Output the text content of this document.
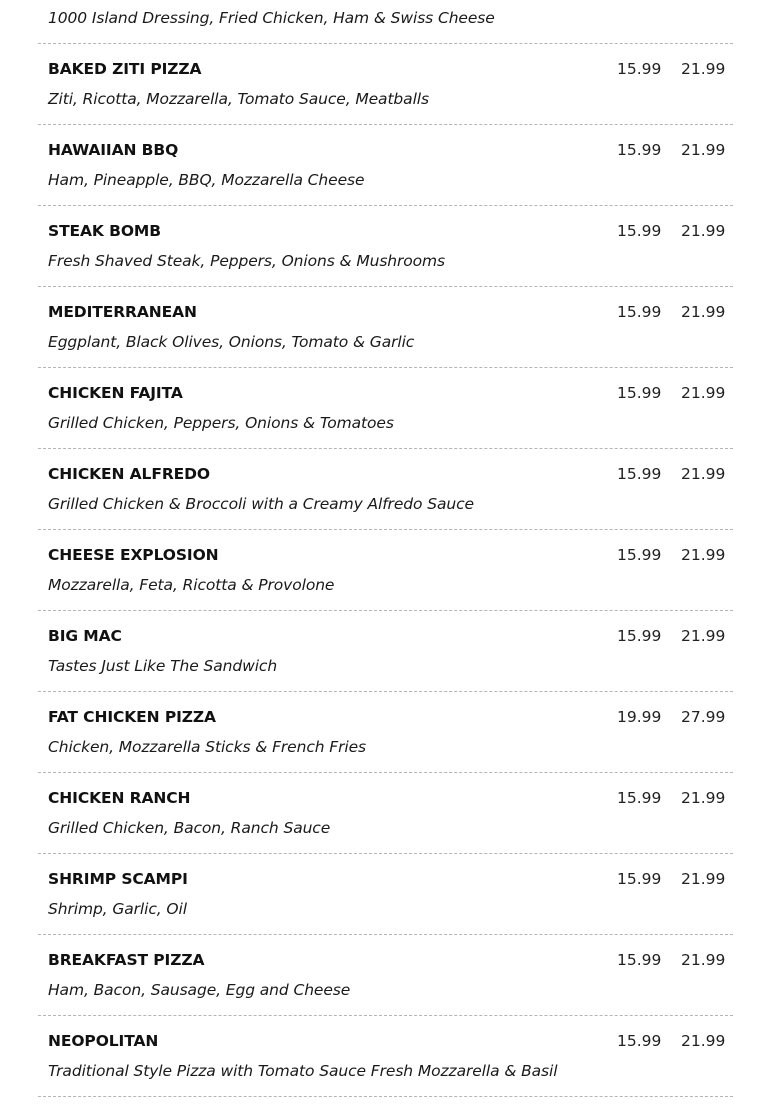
1000 Island Dressing, Fried Chicken, Ham & Swiss Cheese
BAKED ZITI PIZZA	15.99 21.99
Ziti, Ricotta, Mozzarella, Tomato Sauce, Meatballs
HAWAIIAN BBQ	15.99 21.99
Ham, Pineapple, BBQ, Mozzarella Cheese
STEAK BOMB	15.99 21.99
Fresh Shaved Steak, Peppers, Onions & Mushrooms
MEDITERRANEAN	15.99 21.99
Eggplant, Black Olives, Onions, Tomato & Garlic
CHICKEN FAJITA	15.99 21.99
Grilled Chicken, Peppers, Onions & Tomatoes
CHICKEN ALFREDO	15.99 21.99
Grilled Chicken & Broccoli with a Creamy Alfredo Sauce
CHEESE EXPLOSION	15.99 21.99
Mozzarella, Feta, Ricotta & Provolone
BIG MAC	15.99 21.99
Tastes Just Like The Sandwich
FAT CHICKEN PIZZA	19.99 27.99
Chicken, Mozzarella Sticks & French Fries
CHICKEN RANCH	15.99 21.99
Grilled Chicken, Bacon, Ranch Sauce
SHRIMP SCAMPI	15.99 21.99
Shrimp, Garlic, Oil
BREAKFAST PIZZA	15.99 21.99
Ham, Bacon, Sausage, Egg and Cheese
NEOPOLITAN	15.99 21.99
Traditional Style Pizza with Tomato Sauce Fresh Mozzarella & Basil
